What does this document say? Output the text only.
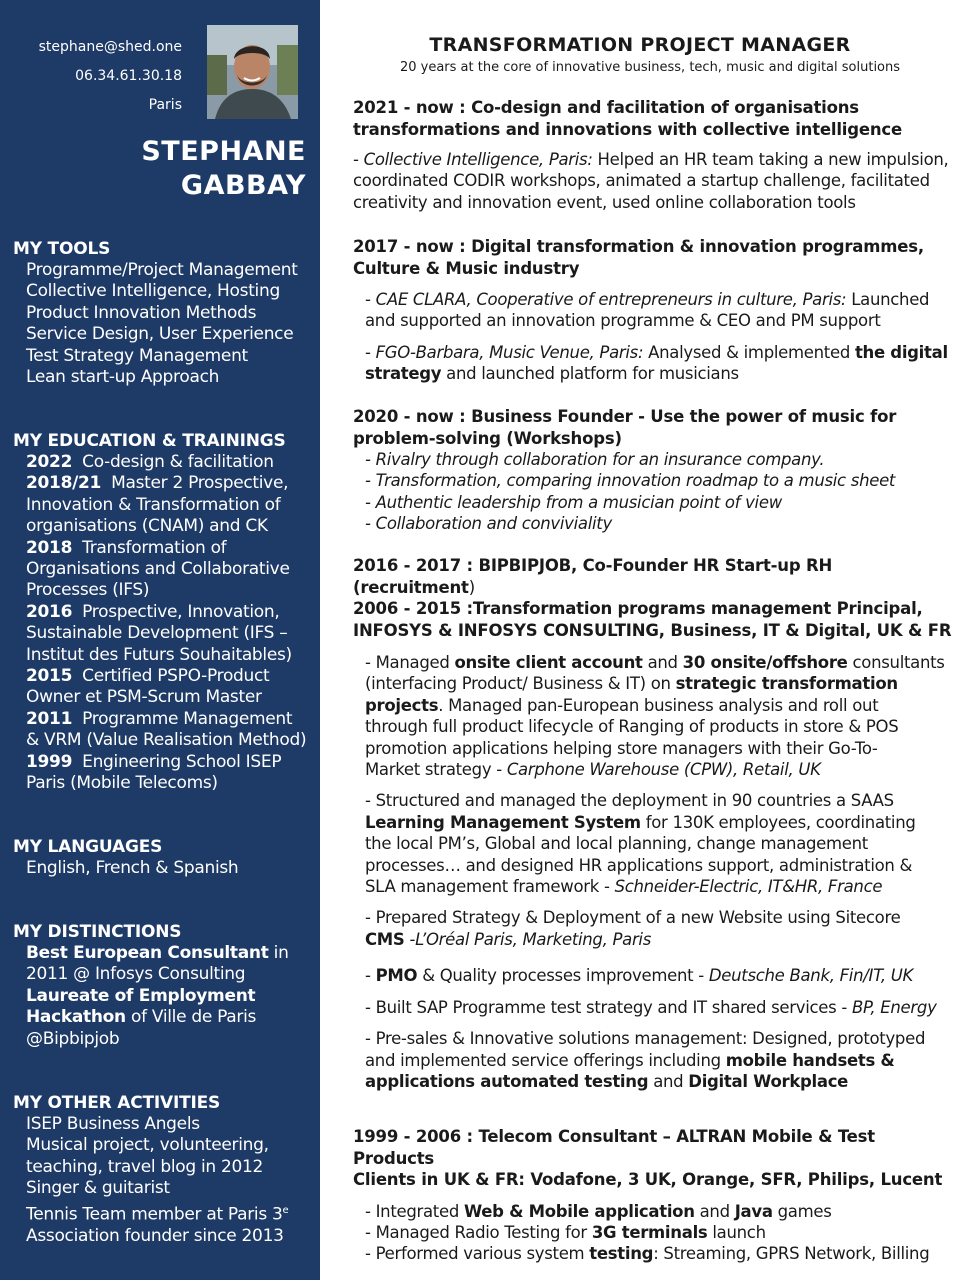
stephane@shed.one
06.34.61.30.18
Paris
STEPHANE
GABBAY
MY TOOLS
Programme/Project Management
Collective Intelligence, Hosting
Product Innovation Methods
Service Design, User Experience
Test Strategy Management
Lean start-up Approach
MY EDUCATION & TRAININGS
2022 Co-design & facilitation
2018/21 Master 2 Prospective,
Innovation & Transformation of
organisations (CNAM) and CK
2018 Transformation of
Organisations and Collaborative
Processes (IFS)
2016 Prospective, Innovation,
Sustainable Development (IFS –
Institut des Futurs Souhaitables)
2015 Certified PSPO-Product
Owner et PSM-Scrum Master
2011 Programme Management
& VRM (Value Realisation Method)
1999 Engineering School ISEP
Paris (Mobile Telecoms)
MY LANGUAGES
English, French & Spanish
MY DISTINCTIONS
Best European Consultant in
2011 @ Infosys Consulting
Laureate of Employment
Hackathon of Ville de Paris
@Bipbipjob
MY OTHER ACTIVITIES
ISEP Business Angels
Musical project, volunteering,
teaching, travel blog in 2012
Singer & guitarist
Tennis Team member at Paris 3e
Association founder since 2013
TRANSFORMATION PROJECT MANAGER
20 years at the core of innovative business, tech, music and digital solutions
2021 - now : Co-design and facilitation of organisations
transformations and innovations with collective intelligence
- Collective Intelligence, Paris: Helped an HR team taking a new impulsion,
coordinated CODIR workshops, animated a startup challenge, facilitated
creativity and innovation event, used online collaboration tools
2017 - now : Digital transformation & innovation programmes,
Culture & Music industry
- CAE CLARA, Cooperative of entrepreneurs in culture, Paris: Launched
and supported an innovation programme & CEO and PM support
- FGO-Barbara, Music Venue, Paris: Analysed & implemented the digital
strategy and launched platform for musicians
2020 - now : Business Founder - Use the power of music for
problem-solving (Workshops)
- Rivalry through collaboration for an insurance company.
- Transformation, comparing innovation roadmap to a music sheet
- Authentic leadership from a musician point of view
- Collaboration and conviviality
2016 - 2017 : BIPBIPJOB, Co-Founder HR Start-up RH (recruitment)
2006 - 2015 :Transformation programs management Principal,
INFOSYS & INFOSYS CONSULTING, Business, IT & Digital, UK & FR
- Managed onsite client account and 30 onsite/offshore consultants
(interfacing Product/ Business & IT) on strategic transformation
projects. Managed pan-European business analysis and roll out
through full product lifecycle of Ranging of products in store & POS
promotion applications helping store managers with their Go-To-
Market strategy - Carphone Warehouse (CPW), Retail, UK
- Structured and managed the deployment in 90 countries a SAAS
Learning Management System for 130K employees, coordinating
the local PM’s, Global and local planning, change management
processes… and designed HR applications support, administration &
SLA management framework - Schneider-Electric, IT&HR, France
- Prepared Strategy & Deployment of a new Website using Sitecore
CMS -L’Oréal Paris, Marketing, Paris
- PMO & Quality processes improvement - Deutsche Bank, Fin/IT, UK
- Built SAP Programme test strategy and IT shared services - BP, Energy
- Pre-sales & Innovative solutions management: Designed, prototyped
and implemented service offerings including mobile handsets &
applications automated testing and Digital Workplace
1999 - 2006 : Telecom Consultant – ALTRAN Mobile & Test Products
Clients in UK & FR: Vodafone, 3 UK, Orange, SFR, Philips, Lucent
- Integrated Web & Mobile application and Java games
- Managed Radio Testing for 3G terminals launch
- Performed various system testing: Streaming, GPRS Network, Billing
